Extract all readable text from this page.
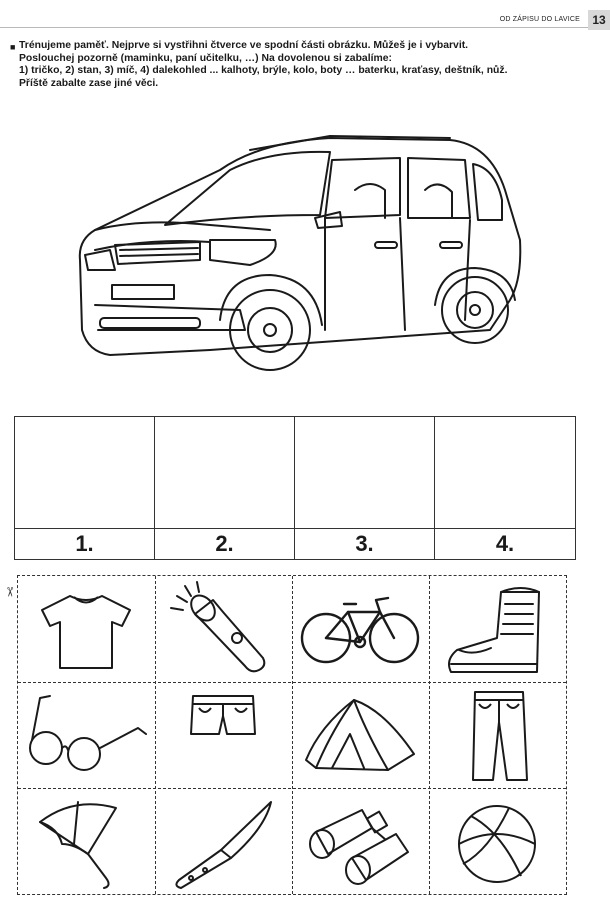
OD ZÁPISU DO LAVICE	13
■ Trénujeme paměť. Nejprve si vystřihni čtverce ve spodní části obrázku. Můžeš je i vybarvit.
Poslouchej pozorně (maminku, paní učitelku, …) Na dovolenou si zabalíme:
1) tričko, 2) stan, 3) míč, 4) dalekohled ... kalhoty, brýle, kolo, boty … baterku, kraťasy, deštník, nůž.
Příště zabalte zase jiné věci.
1.	2.	3.	4.
✂
